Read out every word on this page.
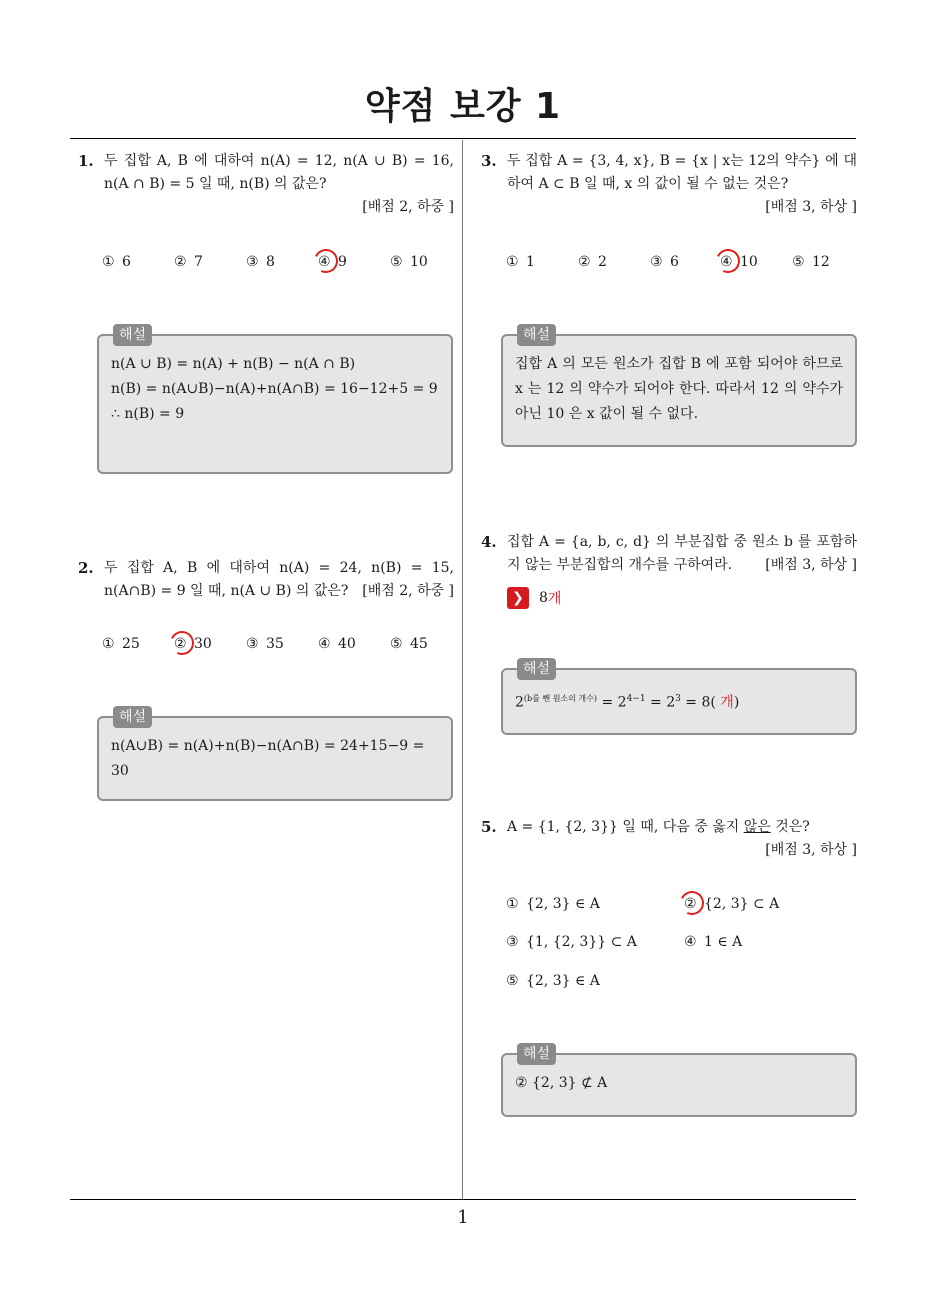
약점 보강 1
1. 두 집합 A, B 에 대하여 n(A) = 12, n(A ∪ B) = 16, n(A ∩ B) = 5 일 때, n(B) 의 값은?
[배점 2, 하중 ]
① 6	② 7	③ 8	④ 9	⑤ 10
해설
n(A ∪ B) = n(A) + n(B) − n(A ∩ B)
n(B) = n(A∪B)−n(A)+n(A∩B) = 16−12+5 = 9
∴ n(B) = 9
2. 두 집합 A, B 에 대하여 n(A) = 24, n(B) = 15, n(A∩B) = 9 일 때, n(A ∪ B) 의 값은? [배점 2, 하중 ]
① 25 ② 30 ③ 35 ④ 40 ⑤ 45
해설
n(A∪B) = n(A)+n(B)−n(A∩B) = 24+15−9 = 30
3. 두 집합 A = {3, 4, x}, B = {x | x는 12의 약수} 에 대하여 A ⊂ B 일 때, x 의 값이 될 수 없는 것은?
[배점 3, 하상 ]
① 1	② 2	③ 6	④ 10 ⑤ 12
해설
집합 A 의 모든 원소가 집합 B 에 포함 되어야 하므로 x 는 12 의 약수가 되어야 한다. 따라서 12 의 약수가 아닌 10 은 x 값이 될 수 없다.
4. 집합 A = {a, b, c, d} 의 부분집합 중 원소 b 를 포함하지 않는 부분집합의 개수를 구하여라. [배점 3, 하상 ]
❯	8 개
해설
$2^{(b를 뺀 원소의 개수)} = 2^{4-1} = 2^3 = 8$( 개)
5. A = {1, {2, 3}} 일 때, 다음 중 옳지 않은 것은?
[배점 3, 하상 ]
① {2, 3} ∈ A	② {2, 3} ⊂ A
③ {1, {2, 3}} ⊂ A	④ 1 ∈ A
⑤ {2, 3} ∈ A
해설
② {2, 3} ⊄ A
1
